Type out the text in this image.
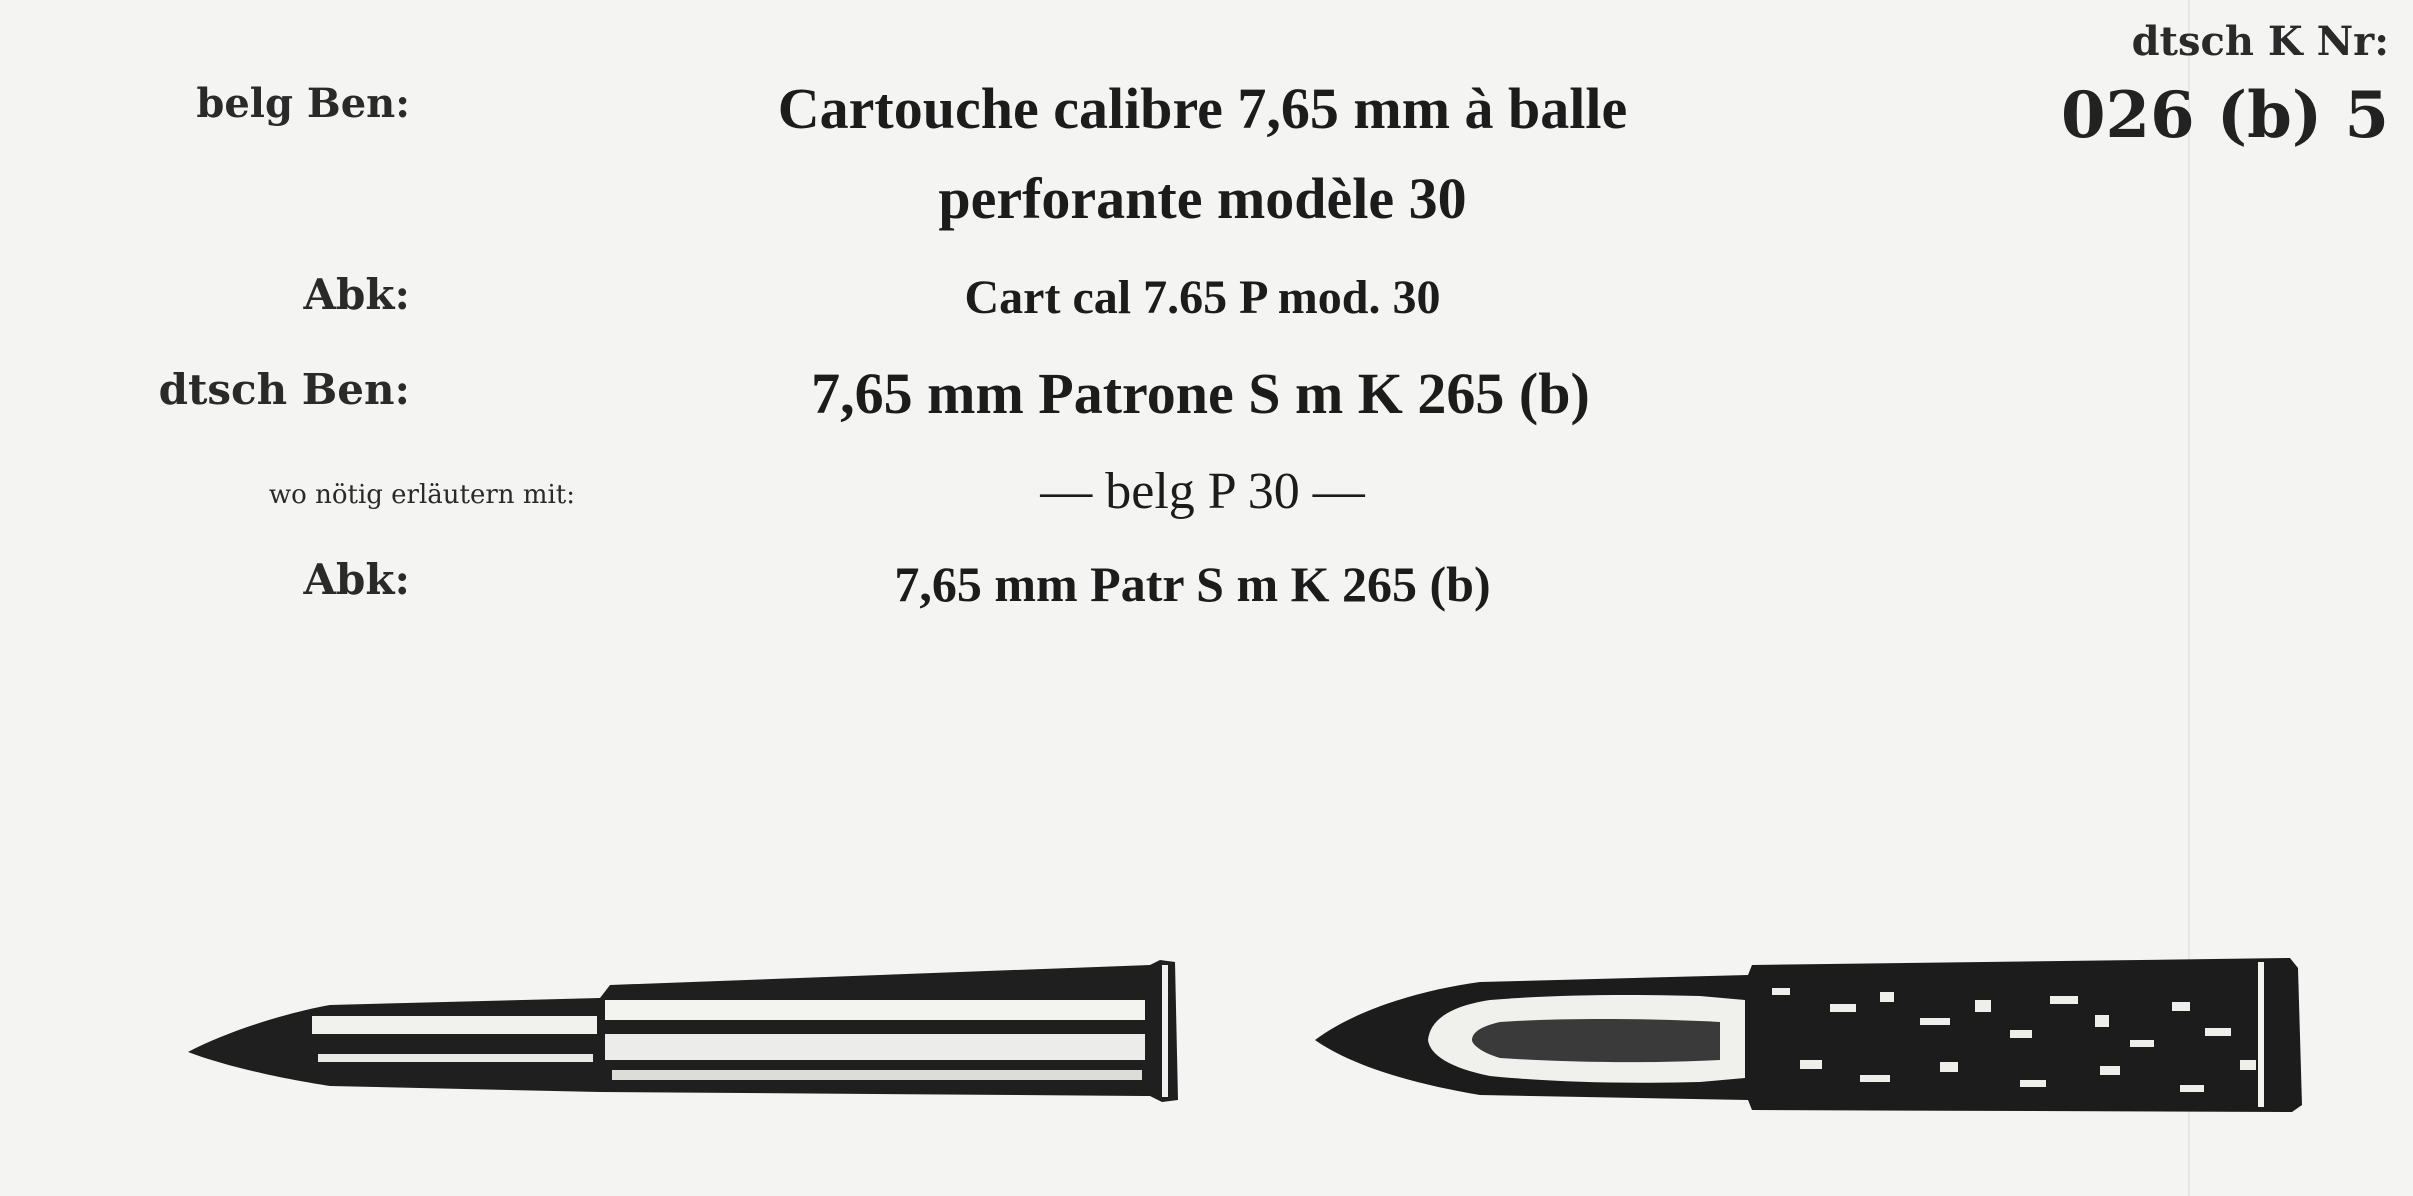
dtsch K Nr:
026 (b) 5
belg Ben:	Cartouche calibre 7,65 mm à balle
perforante modèle 30
Abk:	Cart cal 7.65 P mod. 30
dtsch Ben:	7,65 mm Patrone S m K 265 (b)
wo nötig erläutern mit:	— belg P 30 —
Abk:	7,65 mm Patr S m K 265 (b)
